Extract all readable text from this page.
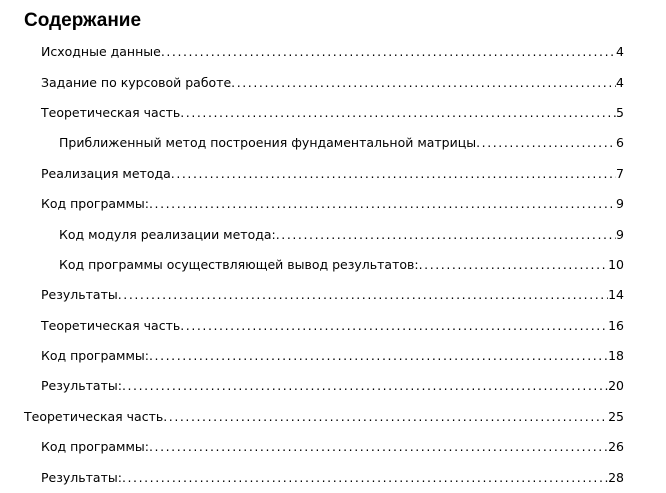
Содержание
Исходные данные . . .	4
Задание по курсовой работе . . .	4
Теоретическая часть . . .	5
Приближенный метод построения фундаментальной матрицы . . .	6
Реализация метода . . .	7
Код программы: . . .	9
Код модуля реализации метода: . . .	9
Код программы осуществляющей вывод результатов: . . .	10
Результаты . . .	14
Теоретическая часть . . .	16
Код программы: . . .	18
Результаты: . . .	20
Теоретическая часть . . .	25
Код программы: . . .	26
Результаты: . . .	28
